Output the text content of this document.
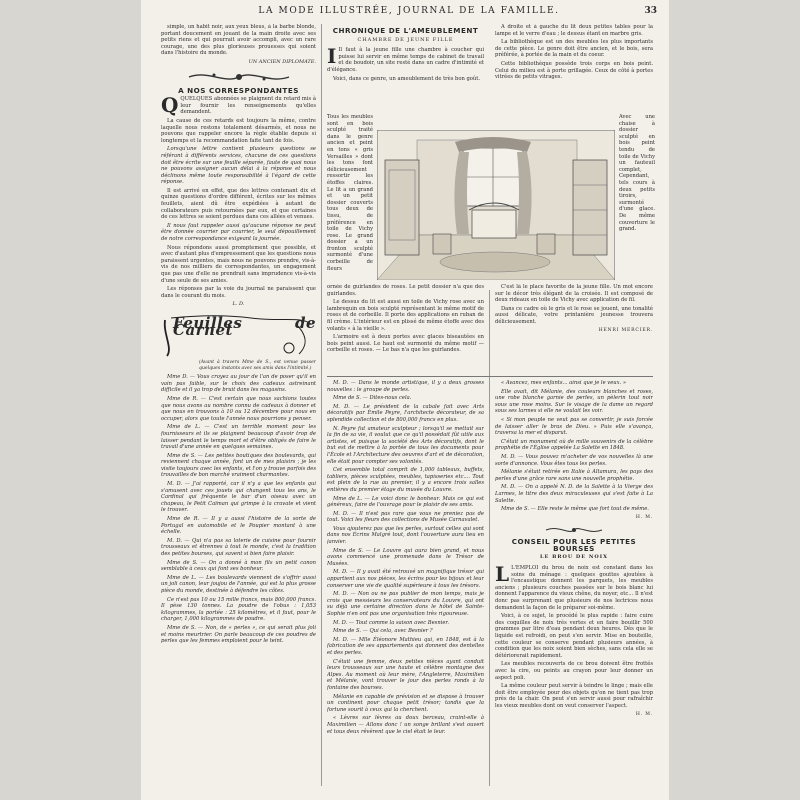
LA MODE ILLUSTRÉE, JOURNAL DE LA FAMILLE.	33

simple, un habit noir, aux yeux bleus, à la barbe blonde, portant doucement en jouant de la main droite avec ses petits riens et qui pourrait avoir accompli, avec un rare courage, une des plus glorieuses prouesses qui soient dans l'histoire du monde.

UN ANCIEN DIPLOMATE.
A NOS CORRESPONDANTES

QQUELQUES abonnées se plaignent du retard mis à leur fournir les renseignements qu'elles demandent.

La cause de ces retards est toujours la même, contre laquelle nous restons totalement désarmés, et nous ne pouvons que rappeler encore la règle établie depuis si longtemps et la recommandation faite tant de fois.

Lorsqu'une lettre contient plusieurs questions se référant à différents services, chacune de ces questions doit être écrite sur une feuille séparée, faute de quoi nous ne pouvons assigner aucun délai à la réponse et nous déclinons même toute responsabilité à l'égard de cette réponse.

Il est arrivé en effet, que des lettres contenant dix et quinze questions d'ordre différent, écrites sur les mêmes feuillets, aient dû être expédiées à autant de collaborateurs puis retournées par eux, et que certaines de ces lettres se soient perdues dans ces allées et venues.

Il nous faut rappeler aussi qu'aucune réponse ne peut être donnée courrier par courrier, le seul dépouillement de notre correspondance exigeant la journée.

Nous répondons aussi promptement que possible, et avec d'autant plus d'empressement que les questions nous paraissent urgentes, mais nous ne pouvons prendre, vis-à-vis de nos milliers de correspondantes, un engagement que pas une d'elle ne prendrait sans imprudence vis-à-vis d'une seule de ses amies.

Les réponses par la voie du journal ne paraissent que dans le courant du mois.

L. D.
Feuilles de Carnet
(Avant à travers Mme de S., est venue passer quelques instants avec ses amis dans l'intimité.)

Mme D. — Vous croyez au jour de l'an de poser qu'il en vain pas faible, sur le choix des cadeaux astreinant difficile et il ya trop de bruit dans les magasins.

Mme de R. — C'est certain que nous sachions toutes que nous avons au nombre connu de cadeaux à donner et que nous en trouvons à 10 ou 12 décembre pour nous en occuper, alors que toute l'année nous pourrions y penser.

Mme de L. — C'est un terrible moment pour les fournisseurs et ils se plaignent beaucoup d'avoir trop de laisser pendant le temps mort et d'être obligés de faire le travail d'une année en quelques semaines.

Mme de S. — Les petites boutiques des boulevards, qui reviennent chaque année, font un de mes plaisirs ; je les visite toujours avec les enfants, et l'on y trouve parfois des trouvailles de bon marché vraiment charmantes.

M. D. — J'ai rapporté, car il n'y a que les enfants qui s'amusent avec ces jouets qui changent tous les ans, le Cardinal qui fréquente le bar d'un oiseau avec un chapeau, le Petit Caïman qui grimpe à la cravate et vient le trouver.

Mme de R. — Il y a aussi l'histoire de la sorte de Portugal en automobile et le Poupier montant à une échelle.

M. D. — Qui n'a pas sa loterie de cuisine pour fournir trousseaux et étrennes à tout le monde, c'est la tradition des petites bourses, qui savent si bien faire plaisir.

Mme de S. — On a donné à mon fils un petit canon semblable à ceux qui font ses bonheur.

Mme de L. — Les boulevards viennent de s'offrir aussi un joli canon, leur joujou de l'année, qui est la plus grosse pièce du monde, destinée à défendre les côtes.

Ce n'est pas 10 ou 15 mille francs, mais 800,000 francs. Il pèse 130 tonnes. La poudre de l'obus : 1,053 kilogrammes, la portée : 25 kilomètres, et il faut, pour le charger, 1,000 kilogrammes de poudre.

Mme de S. — Non, de « perles », ce qui serait plus joli et moins meurtrier. On parle beaucoup de ces poudres de perles que les femmes emploient pour le teint.

CHRONIQUE DE L'AMEUBLEMENT
CHAMBRE DE JEUNE FILLE

I Il faut à la jeune fille une chambre à coucher qui puisse lui servir en même temps de cabinet de travail et de boudoir, un site resté dans un cadre d'intimité et d'élégance.

Voici, dans ce genre, un ameublement de très bon goût.

A droite et à gauche du lit deux petites tables pour la lampe et le verre d'eau ; le dessus étant en marbre gris.

La bibliothèque est un des meubles les plus importants de cette pièce. Le genre doit être ancien, et le bois, sera préférée, à portée de la main et du coeur.

Cette bibliothèque possède trois corps en bois peint. Celui du milieu est à porte grillagée. Ceux de côté à portes vitrées de petits vitrages.

Tous les meubles sont en bois sculpté traité dans le genre ancien et peint en tons « gris Versailles » dont les tons font délicieusement ressortir les étoffes claires. Le lit a un grand et un petit dossier couverts tous deux de tissu, de préférence en toile de Vichy rose. Le grand dossier a un fronton sculpté surmonté d'une corbeille de fleurs

Avec une chaise à dossier sculpté en bois peint tendu de toile de Vichy un fauteuil complet, Cependant, tels cours à deux petits tiroirs, surmonté d'une glace. De même couverture le grand.

ornée de guirlandes de roses. Le petit dossier n'a que des guirlandes.

Le dessus du lit est aussi en toile de Vichy rose avec un lambrequin en bois sculpté représentant le même motif de roses et de corbeille. Il porte des applications en ruban de fil crème. L'intérieur est en plissé de même étoffe avec des volants « à la vieille ».

L'armoire est à deux portes avec glaces biseautées en bois peint aussi. Le haut est surmonté du même motif — corbeille et roses. — Le bas n'a que les guirlandes.

C'est là le place favorite de la jeune fille. Un mot encore sur le décor très élégant de la croisée. Il est composé de deux rideaux en toile de Vichy avec application de fil.

Dans ce cadre où le gris et le rose se jouent, une tonalité aussi délicate, votre printanière jeunesse trouvera délicieusement.

HENRI MERCIER.

M. D. — Dans le monde artistique, il y a deux grosses nouvelles : le groupe de perles.

Mme de S. — Dites-nous cela.

M. D. — Le président de la cabale fait avec Arts décoratifs par Émile Peyre, l'architecte décorateur, de sa splendide collection et de 800,000 francs en plus.

N. Peyre fut amateur sculpteur ; lorsqu'il se mettait sur la fin de sa vie, il voulut que ce qu'il possédait fût utile aux artistes, et puisque la société des Arts décoratifs, dont le but est de mettre à la portée de tous les documents pour l'École et l'Architecture des oeuvres d'art et de décoration, elle était pour compter ses volontés.

Cet ensemble total comprit de 1,000 tableaux, buffets, tabliers, pièces sculptées, meubles, tapisseries etc.... Tout est plein de la rue au premier, il y a encore trois salles entières du premier étage du musée du Louvre.

Mme de L. — Le voici donc le bonheur. Mais ce qui est généreux, faire de l'ouvrage pour le plaisir de ses amis.

M. D. — Il n'est pas rare que vous ne preniez pas de tout. Voici les fleurs des collections de Musée Carnavalet.

Vous ajouterez pas que les perles, surtout celles qui sont dans nos Écrins Malgré tout, dont l'ouverture aura lieu en janvier.

Mme de S. — Le Louvre qui aura bien grand, et nous avons commencé une promenade dans le Trésor de Musées.

M. D. — Il y avait été retrouvé un magnifique trésor qui appartient aux nos pièces, les écrins pour les bijoux et leur conserver une vie de qualité supérieure à tous les trésors.

M. D. — Non ou ne pas publier de mon temps, mais je crois que messieurs les conservateurs du Louvre, qui ont su déjà une certaine direction dans le hôtel de Sainte-Sophie n'en ont pas une organisation très rigoureuse.

M. D. — Tout comme la saison avec Besnier.

Mme de S. — Qui cela, avec Besnier ?

M. D. — Mlle Éléonore Mathieu qui, en 1848, est à la fabrication de ses appartements qui donnent des dentelles et des perles.

C'était une femme, deux petites nièces ayant conduit leurs trousseaux sur une haute et célèbre montagne des Alpes. Au moment où leur mère, l'Angleterre, Maximilien et Mélanie, vont trouver le jour des perles ronds à la fontaine des bourses.

Mélanie en capable de prévision et se dispose à trouver un continent pour chaque petit trésor; tandis que la fortune sourit à ceux qui la cherchent.

« Lèvres sur lèvres au doux berceau, craint-elle à Maximilien — Allons donc ! un songe brillant s'est ouvert et tous deux rêvèrent que le ciel était le leur.

« Avancez, mes enfants... ainsi que je le veux. »

Elle avait, dit Mélanie, des couleurs blanches et roses, une robe blanche garnie de perles, un pèlerin tout noir sous une rose moins. Sur le visage de la dame un regard sous ses larmes si elle ne voulait les voir.

« Si mon peuple ne veut pas se convertir, je suis forcée de laisser aller le bras de Dieu. » Puis elle s'avança, traversa la mer et disparut.

C'était un monument où de mille souvenirs de la célèbre prophétie de l'Église appelée La Salette en 1848.

M. D. — Vous pouvez m'acheter de vos nouvelles là une sorte d'annonce. Vous êtes tous les perles.

Mélanie s'était retirée en Italie à Altamura, les pays des perles d'une grâce rare sans une nouvelle prophétie.

M. D. — On a appelé N. D. de la Salette à la Vierge des Larmes, le titre des deux miraculeuses qui s'est faite à La Salette.

Mme de S. — Elle reste le même que fort tout de même.

H. M.
CONSEIL POUR LES PETITES BOURSES
LE BROU DE NOIX

L L'EMPLOI du brou de noix est constant dans les soins du ménage : quelques gouttes ajoutées à l'encaustique donnent les parquets, les meubles anciens ; plusieurs couches passées sur le bois blanc lui donnent l'apparence du vieux chêne, du noyer, etc... Il n'est donc pas surprenant que plusieurs de nos lectrices nous demandent la façon de le préparer soi-même.

Voici, à ce sujet, le procédé le plus rapide : faire cuire des coquilles de noix très vertes et en faire bouillir 500 grammes par litre d'eau pendant deux heures. Dès que le liquide est refroidi, on peut s'en servir. Mise en bouteille, cette couleur se conserve pendant plusieurs années, à condition que les noix soient bien sèches, sans cela elle se détériorerait rapidement.

Les meubles recouverts de ce brou doivent être frottés avec la cire, ou peints au crayon pour leur donner un aspect poli.

La même couleur peut servir à teindre le linge ; mais elle doit être employée pour des objets qu'on ne tient pas trop près de la chair. On peut s'en servir aussi pour rafraîchir les vieux meubles dont on veut conserver l'aspect.

H. M.
